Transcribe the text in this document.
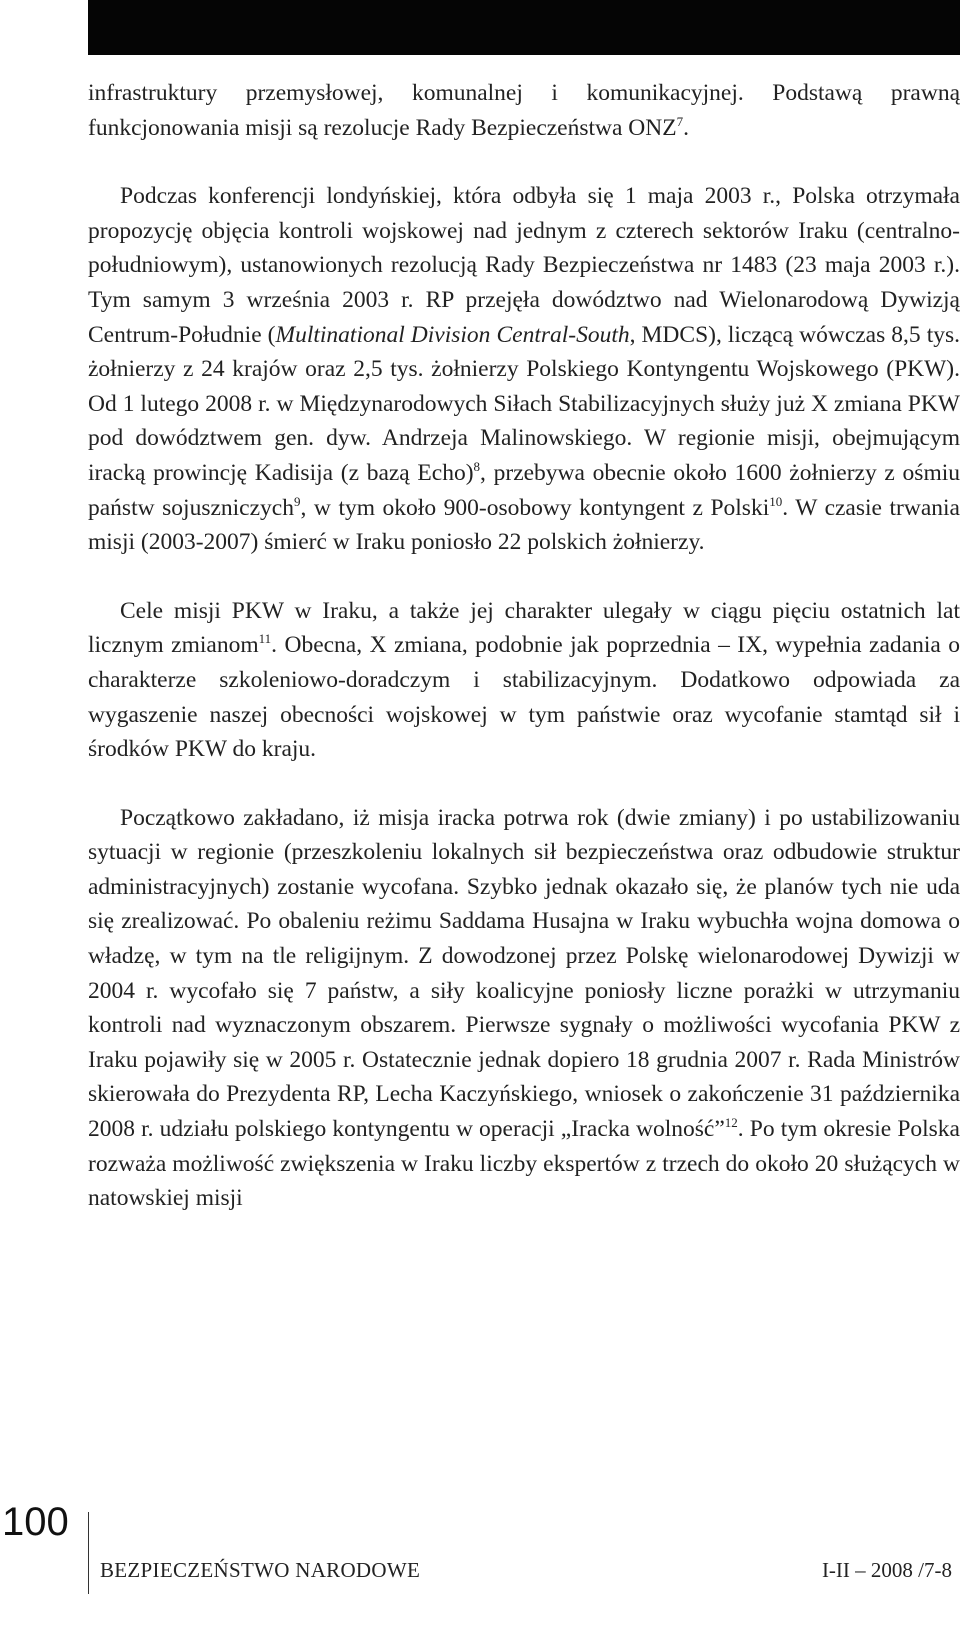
infrastruktury przemysłowej, komunalnej i komunikacyjnej. Podstawą prawną funkcjonowania misji są rezolucje Rady Bezpieczeństwa ONZ$^7$.

Podczas konferencji londyńskiej, która odbyła się 1 maja 2003 r., Polska otrzymała propozycję objęcia kontroli wojskowej nad jednym z czterech sektorów Iraku (centralno-południowym), ustanowionych rezolucją Rady Bezpieczeństwa nr 1483 (23 maja 2003 r.). Tym samym 3 września 2003 r. RP przejęła dowództwo nad Wielonarodową Dywizją Centrum-Południe (Multinational Division Central-South, MDCS), liczącą wówczas 8,5 tys. żołnierzy z 24 krajów oraz 2,5 tys. żołnierzy Polskiego Kontyngentu Wojskowego (PKW). Od 1 lutego 2008 r. w Międzynarodowych Siłach Stabilizacyjnych służy już X zmiana PKW pod dowództwem gen. dyw. Andrzeja Malinowskiego. W regionie misji, obejmującym iracką prowincję Kadisija (z bazą Echo)$^8$, przebywa obecnie około 1600 żołnierzy z ośmiu państw sojuszniczych$^9$, w tym około 900-osobowy kontyngent z Polski$^{10}$. W czasie trwania misji (2003-2007) śmierć w Iraku poniosło 22 polskich żołnierzy.

Cele misji PKW w Iraku, a także jej charakter ulegały w ciągu pięciu ostatnich lat licznym zmianom$^{11}$. Obecna, X zmiana, podobnie jak poprzednia – IX, wypełnia zadania o charakterze szkoleniowo-doradczym i stabilizacyjnym. Dodatkowo odpowiada za wygaszenie naszej obecności wojskowej w tym państwie oraz wycofanie stamtąd sił i środków PKW do kraju.

Początkowo zakładano, iż misja iracka potrwa rok (dwie zmiany) i po ustabilizowaniu sytuacji w regionie (przeszkoleniu lokalnych sił bezpieczeństwa oraz odbudowie struktur administracyjnych) zostanie wycofana. Szybko jednak okazało się, że planów tych nie uda się zrealizować. Po obaleniu reżimu Saddama Husajna w Iraku wybuchła wojna domowa o władzę, w tym na tle religijnym. Z dowodzonej przez Polskę wielonarodowej Dywizji w 2004 r. wycofało się 7 państw, a siły koalicyjne poniosły liczne porażki w utrzymaniu kontroli nad wyznaczonym obszarem. Pierwsze sygnały o możliwości wycofania PKW z Iraku pojawiły się w 2005 r. Ostatecznie jednak dopiero 18 grudnia 2007 r. Rada Ministrów skierowała do Prezydenta RP, Lecha Kaczyńskiego, wniosek o zakończenie 31 października 2008 r. udziału polskiego kontyngentu w operacji „Iracka wolność”$^{12}$. Po tym okresie Polska rozważa możliwość zwiększenia w Iraku liczby ekspertów z trzech do około 20 służących w natowskiej misji

100
BEZPIECZEŃSTWO NARODOWE	I-II – 2008 /7-8
